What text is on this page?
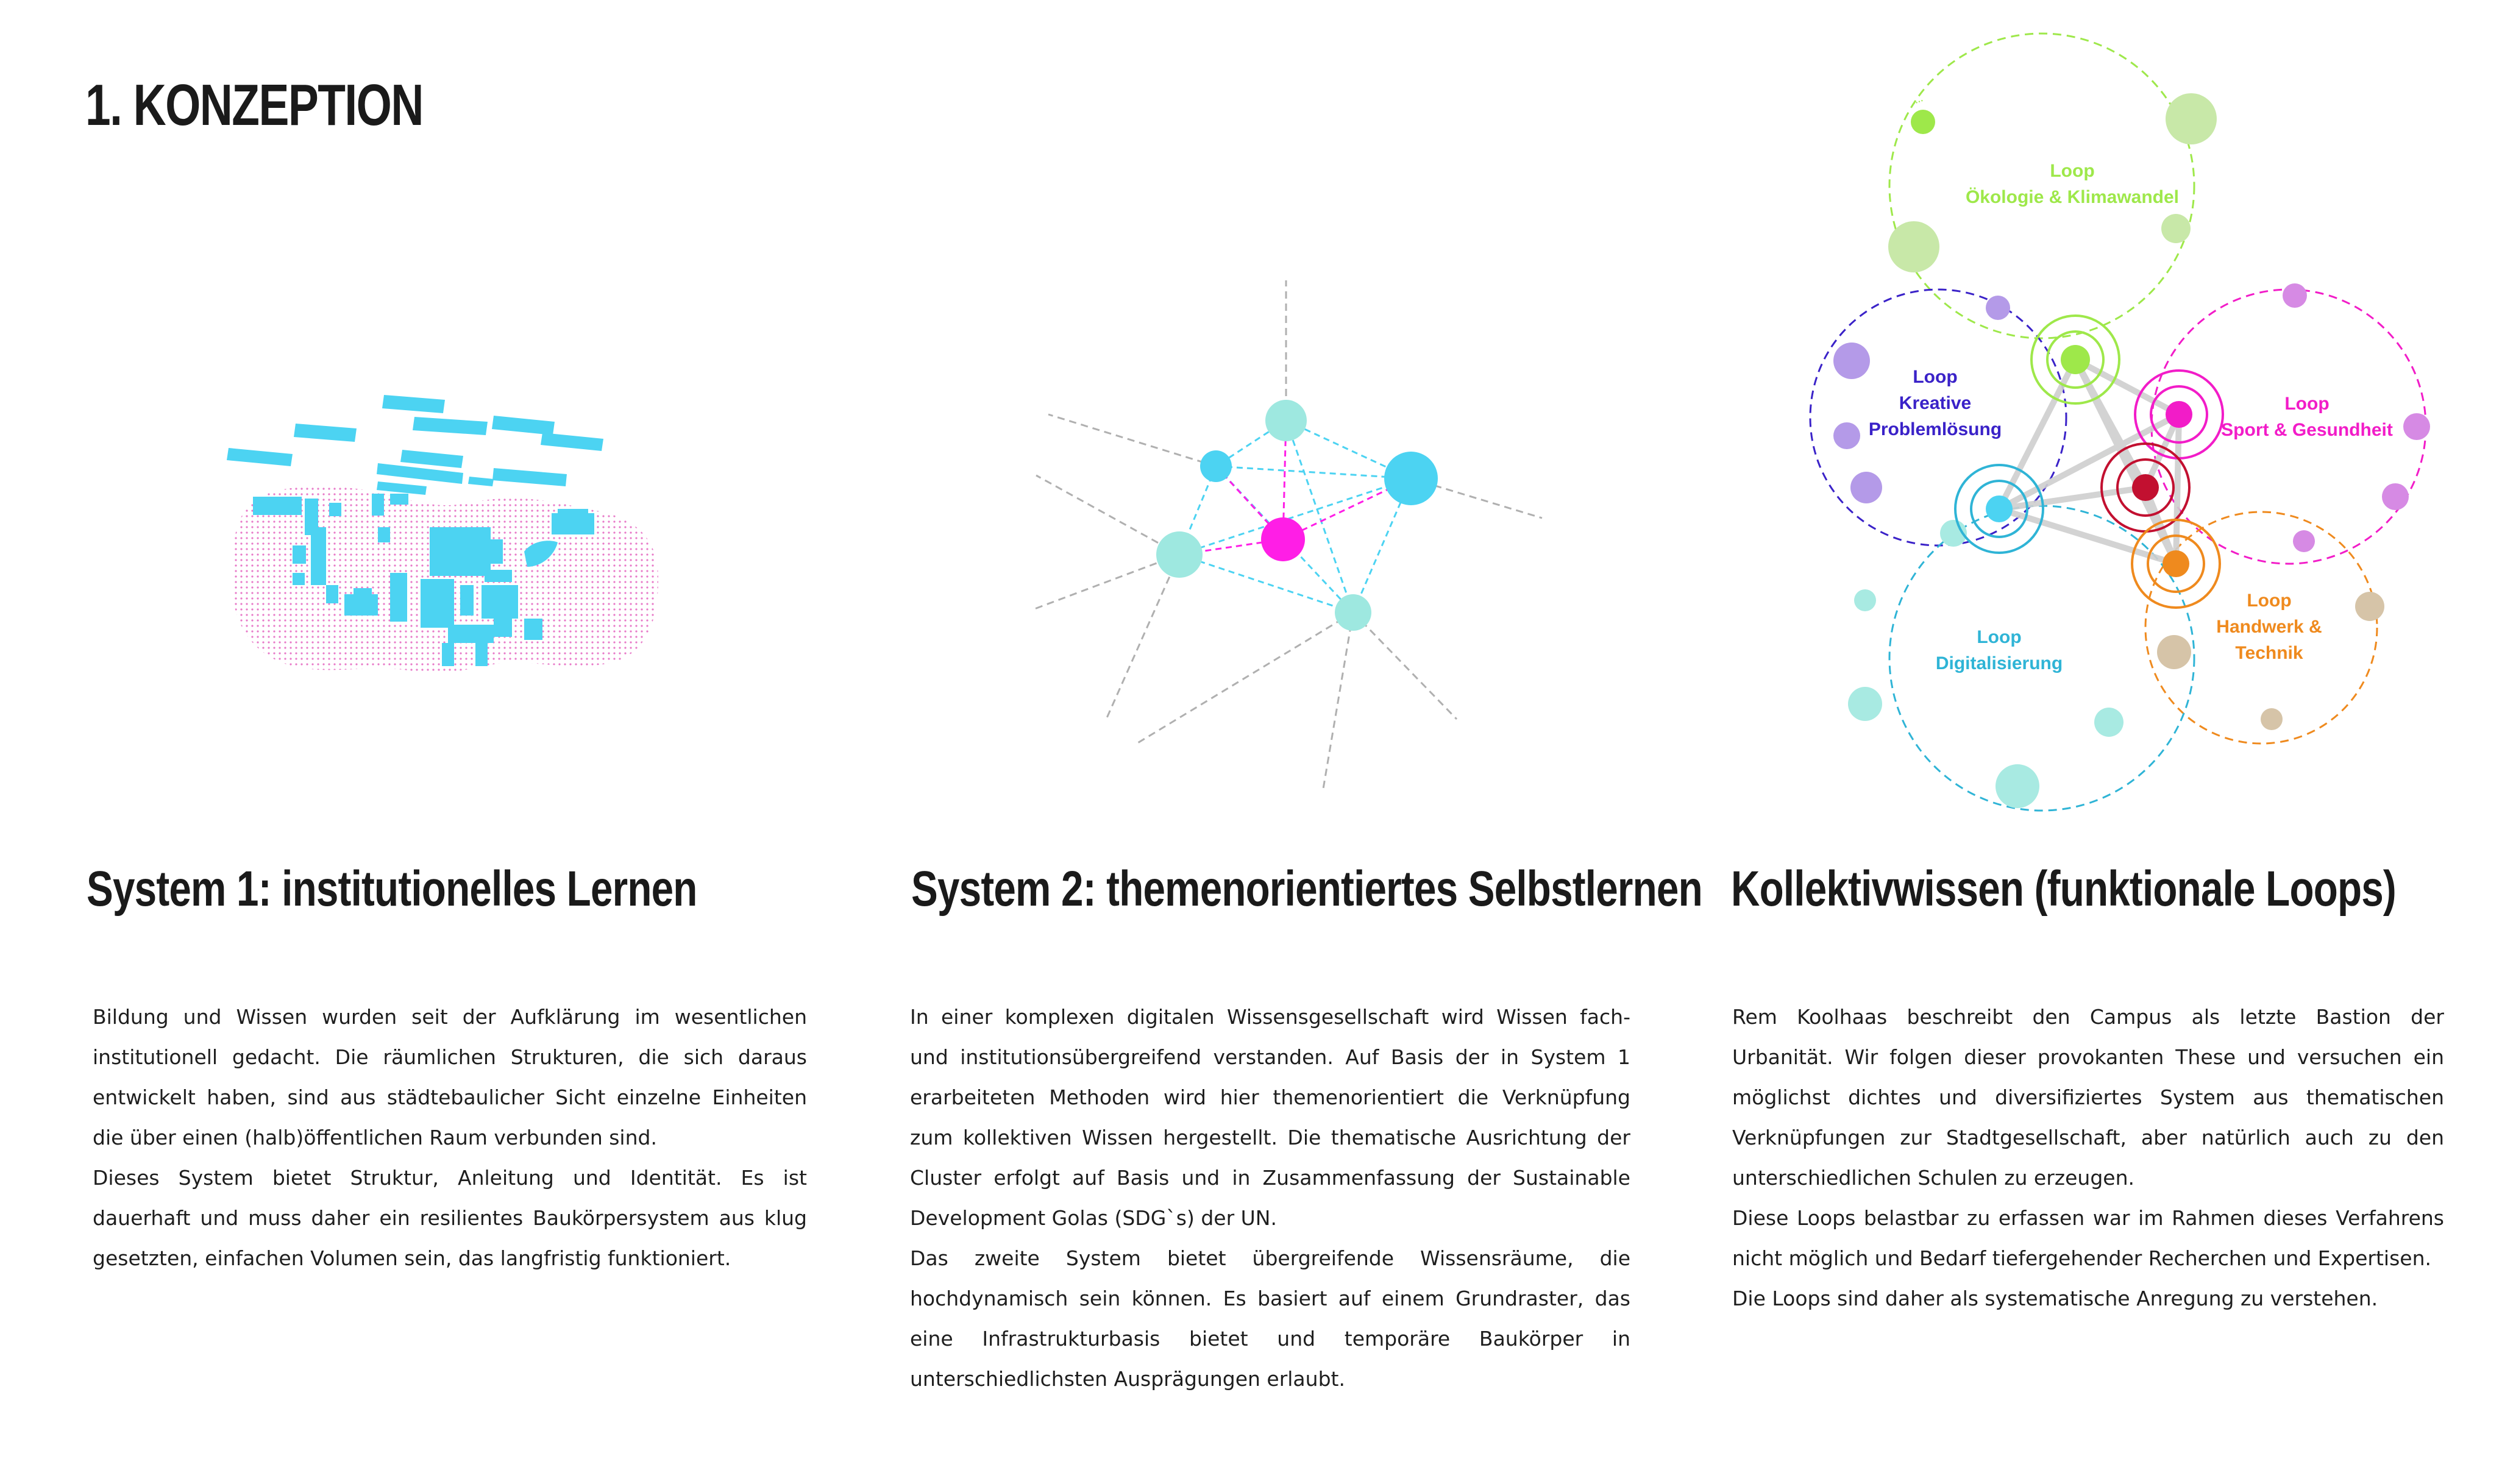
1. KONZEPTION	····
Loop
Ökologie & Klimawandel
Loop
Kreative
Problemlösung
Loop
Sport & Gesundheit
Loop
Handwerk &
Technik
Loop
Digitalisierung
System 1: institutionelles Lernen	System 2: themenorientiertes Selbstlernen Kollektivwissen (funktionale Loops)

Bildung und Wissen wurden seit der Aufklärung im wesentlichen institutionell gedacht. Die räumlichen Strukturen, die sich daraus entwickelt haben, sind aus städtebaulicher Sicht einzelne Einheiten die über einen (halb)öffentlichen Raum verbunden sind.

Dieses System bietet Struktur, Anleitung und Identität. Es ist dauerhaft und muss daher ein resilientes Baukörpersystem aus klug gesetzten, einfachen Volumen sein, das langfristig funktioniert.

In einer komplexen digitalen Wissensgesellschaft wird Wissen fach- und institutionsübergreifend verstanden. Auf Basis der in System 1 erarbeiteten Methoden wird hier themenorientiert die Verknüpfung zum kollektiven Wissen hergestellt. Die thematische Ausrichtung der Cluster erfolgt auf Basis und in Zusammenfassung der Sustainable Development Golas (SDG`s) der UN.

Das zweite System bietet übergreifende Wissensräume, die hochdynamisch sein können. Es basiert auf einem Grundraster, das eine Infrastrukturbasis bietet und temporäre Baukörper in unterschiedlichsten Ausprägungen erlaubt.

Rem Koolhaas beschreibt den Campus als letzte Bastion der Urbanität. Wir folgen dieser provokanten These und versuchen ein möglichst dichtes und diversifiziertes System aus thematischen Verknüpfungen zur Stadtgesellschaft, aber natürlich auch zu den unterschiedlichen Schulen zu erzeugen.

Diese Loops belastbar zu erfassen war im Rahmen dieses Verfahrens nicht möglich und Bedarf tiefergehender Recherchen und Expertisen.

Die Loops sind daher als systematische Anregung zu verstehen.
